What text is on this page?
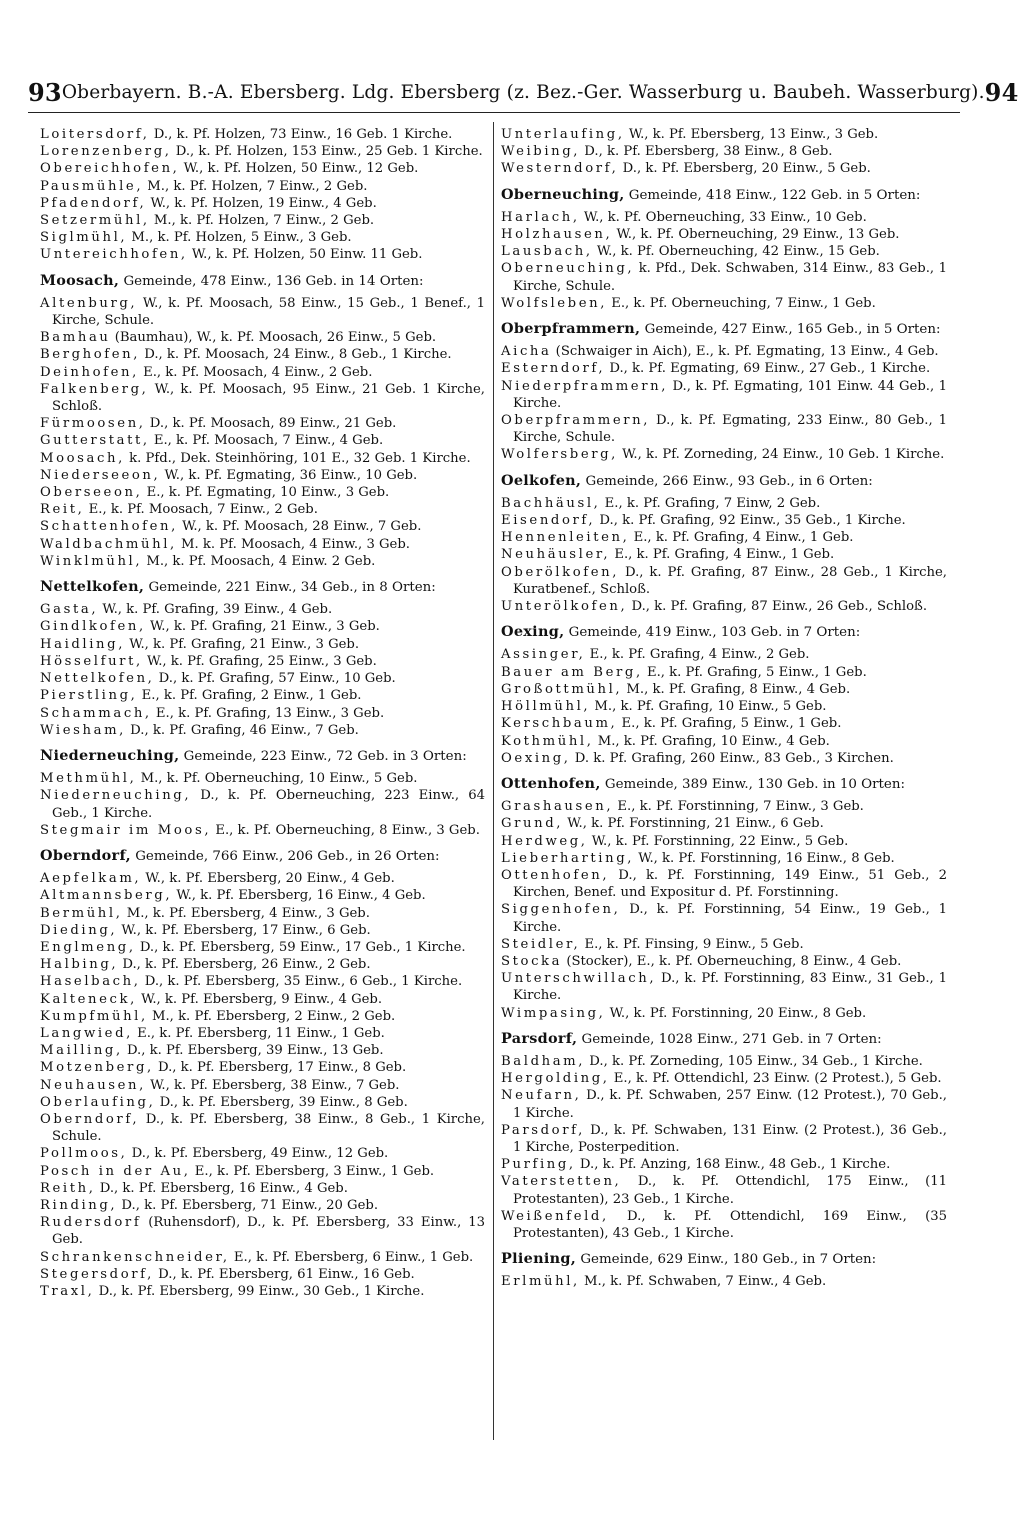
93 Oberbayern. B.-A. Ebersberg. Ldg. Ebersberg (z. Bez.-Ger. Wasserburg u. Baubeh. Wasserburg). 94
Loitersdorf, D., k. Pf. Holzen, 73 Einw., 16 Geb. 1 Kirche.
Lorenzenberg, D., k. Pf. Holzen, 153 Einw., 25 Geb. 1 Kirche.
Obereichhofen, W., k. Pf. Holzen, 50 Einw., 12 Geb.
Pausmühle, M., k. Pf. Holzen, 7 Einw., 2 Geb.
Pfadendorf, W., k. Pf. Holzen, 19 Einw., 4 Geb.
Setzermühl, M., k. Pf. Holzen, 7 Einw., 2 Geb.
Siglmühl, M., k. Pf. Holzen, 5 Einw., 3 Geb.
Untereichhofen, W., k. Pf. Holzen, 50 Einw. 11 Geb.
Moosach, Gemeinde, 478 Einw., 136 Geb. in 14 Orten:
Altenburg, W., k. Pf. Moosach, 58 Einw., 15 Geb., 1 Benef., 1 Kirche, Schule.
Bamhau (Baumhau), W., k. Pf. Moosach, 26 Einw., 5 Geb.
Berghofen, D., k. Pf. Moosach, 24 Einw., 8 Geb., 1 Kirche.
Deinhofen, E., k. Pf. Moosach, 4 Einw., 2 Geb.
Falkenberg, W., k. Pf. Moosach, 95 Einw., 21 Geb. 1 Kirche, Schloß.
Fürmoosen, D., k. Pf. Moosach, 89 Einw., 21 Geb.
Gutterstatt, E., k. Pf. Moosach, 7 Einw., 4 Geb.
Moosach, k. Pfd., Dek. Steinhöring, 101 E., 32 Geb. 1 Kirche.
Niederseeon, W., k. Pf. Egmating, 36 Einw., 10 Geb.
Oberseeon, E., k. Pf. Egmating, 10 Einw., 3 Geb.
Reit, E., k. Pf. Moosach, 7 Einw., 2 Geb.
Schattenhofen, W., k. Pf. Moosach, 28 Einw., 7 Geb.
Waldbachmühl, M. k. Pf. Moosach, 4 Einw., 3 Geb.
Winklmühl, M., k. Pf. Moosach, 4 Einw. 2 Geb.
Nettelkofen, Gemeinde, 221 Einw., 34 Geb., in 8 Orten:
Gasta, W., k. Pf. Grafing, 39 Einw., 4 Geb.
Gindlkofen, W., k. Pf. Grafing, 21 Einw., 3 Geb.
Haidling, W., k. Pf. Grafing, 21 Einw., 3 Geb.
Hösselfurt, W., k. Pf. Grafing, 25 Einw., 3 Geb.
Nettelkofen, D., k. Pf. Grafing, 57 Einw., 10 Geb.
Pierstling, E., k. Pf. Grafing, 2 Einw., 1 Geb.
Schammach, E., k. Pf. Grafing, 13 Einw., 3 Geb.
Wiesham, D., k. Pf. Grafing, 46 Einw., 7 Geb.
Niederneuching, Gemeinde, 223 Einw., 72 Geb. in 3 Orten:
Methmühl, M., k. Pf. Oberneuching, 10 Einw., 5 Geb.
Niederneuching, D., k. Pf. Oberneuching, 223 Einw., 64 Geb., 1 Kirche.
Stegmair im Moos, E., k. Pf. Oberneuching, 8 Einw., 3 Geb.
Oberndorf, Gemeinde, 766 Einw., 206 Geb., in 26 Orten:
Aepfelkam, W., k. Pf. Ebersberg, 20 Einw., 4 Geb.
Altmannsberg, W., k. Pf. Ebersberg, 16 Einw., 4 Geb.
Bermühl, M., k. Pf. Ebersberg, 4 Einw., 3 Geb.
Dieding, W., k. Pf. Ebersberg, 17 Einw., 6 Geb.
Englmeng, D., k. Pf. Ebersberg, 59 Einw., 17 Geb., 1 Kirche.
Halbing, D., k. Pf. Ebersberg, 26 Einw., 2 Geb.
Haselbach, D., k. Pf. Ebersberg, 35 Einw., 6 Geb., 1 Kirche.
Kalteneck, W., k. Pf. Ebersberg, 9 Einw., 4 Geb.
Kumpfmühl, M., k. Pf. Ebersberg, 2 Einw., 2 Geb.
Langwied, E., k. Pf. Ebersberg, 11 Einw., 1 Geb.
Mailling, D., k. Pf. Ebersberg, 39 Einw., 13 Geb.
Motzenberg, D., k. Pf. Ebersberg, 17 Einw., 8 Geb.
Neuhausen, W., k. Pf. Ebersberg, 38 Einw., 7 Geb.
Oberlaufing, D., k. Pf. Ebersberg, 39 Einw., 8 Geb.
Oberndorf, D., k. Pf. Ebersberg, 38 Einw., 8 Geb., 1 Kirche, Schule.
Pollmoos, D., k. Pf. Ebersberg, 49 Einw., 12 Geb.
Posch in der Au, E., k. Pf. Ebersberg, 3 Einw., 1 Geb.
Reith, D., k. Pf. Ebersberg, 16 Einw., 4 Geb.
Rinding, D., k. Pf. Ebersberg, 71 Einw., 20 Geb.
Rudersdorf (Ruhensdorf), D., k. Pf. Ebersberg, 33 Einw., 13 Geb.
Schrankenschneider, E., k. Pf. Ebersberg, 6 Einw., 1 Geb.
Stegersdorf, D., k. Pf. Ebersberg, 61 Einw., 16 Geb.
Traxl, D., k. Pf. Ebersberg, 99 Einw., 30 Geb., 1 Kirche.
Unterlaufing, W., k. Pf. Ebersberg, 13 Einw., 3 Geb.
Weibing, D., k. Pf. Ebersberg, 38 Einw., 8 Geb.
Westerndorf, D., k. Pf. Ebersberg, 20 Einw., 5 Geb.
Oberneuching, Gemeinde, 418 Einw., 122 Geb. in 5 Orten:
Harlach, W., k. Pf. Oberneuching, 33 Einw., 10 Geb.
Holzhausen, W., k. Pf. Oberneuching, 29 Einw., 13 Geb.
Lausbach, W., k. Pf. Oberneuching, 42 Einw., 15 Geb.
Oberneuching, k. Pfd., Dek. Schwaben, 314 Einw., 83 Geb., 1 Kirche, Schule.
Wolfsleben, E., k. Pf. Oberneuching, 7 Einw., 1 Geb.
Oberpframmern, Gemeinde, 427 Einw., 165 Geb., in 5 Orten:
Aicha (Schwaiger in Aich), E., k. Pf. Egmating, 13 Einw., 4 Geb.
Esterndorf, D., k. Pf. Egmating, 69 Einw., 27 Geb., 1 Kirche.
Niederpframmern, D., k. Pf. Egmating, 101 Einw. 44 Geb., 1 Kirche.
Oberpframmern, D., k. Pf. Egmating, 233 Einw., 80 Geb., 1 Kirche, Schule.
Wolfersberg, W., k. Pf. Zorneding, 24 Einw., 10 Geb. 1 Kirche.
Oelkofen, Gemeinde, 266 Einw., 93 Geb., in 6 Orten:
Bachhäusl, E., k. Pf. Grafing, 7 Einw, 2 Geb.
Eisendorf, D., k. Pf. Grafing, 92 Einw., 35 Geb., 1 Kirche.
Hennenleiten, E., k. Pf. Grafing, 4 Einw., 1 Geb.
Neuhäusler, E., k. Pf. Grafing, 4 Einw., 1 Geb.
Oberölkofen, D., k. Pf. Grafing, 87 Einw., 28 Geb., 1 Kirche, Kuratbenef., Schloß.
Unterölkofen, D., k. Pf. Grafing, 87 Einw., 26 Geb., Schloß.
Oexing, Gemeinde, 419 Einw., 103 Geb. in 7 Orten:
Assinger, E., k. Pf. Grafing, 4 Einw., 2 Geb.
Bauer am Berg, E., k. Pf. Grafing, 5 Einw., 1 Geb.
Großottmühl, M., k. Pf. Grafing, 8 Einw., 4 Geb.
Höllmühl, M., k. Pf. Grafing, 10 Einw., 5 Geb.
Kerschbaum, E., k. Pf. Grafing, 5 Einw., 1 Geb.
Kothmühl, M., k. Pf. Grafing, 10 Einw., 4 Geb.
Oexing, D. k. Pf. Grafing, 260 Einw., 83 Geb., 3 Kirchen.
Ottenhofen, Gemeinde, 389 Einw., 130 Geb. in 10 Orten:
Grashausen, E., k. Pf. Forstinning, 7 Einw., 3 Geb.
Grund, W., k. Pf. Forstinning, 21 Einw., 6 Geb.
Herdweg, W., k. Pf. Forstinning, 22 Einw., 5 Geb.
Lieberharting, W., k. Pf. Forstinning, 16 Einw., 8 Geb.
Ottenhofen, D., k. Pf. Forstinning, 149 Einw., 51 Geb., 2 Kirchen, Benef. und Expositur d. Pf. Forstinning.
Siggenhofen, D., k. Pf. Forstinning, 54 Einw., 19 Geb., 1 Kirche.
Steidler, E., k. Pf. Finsing, 9 Einw., 5 Geb.
Stocka (Stocker), E., k. Pf. Oberneuching, 8 Einw., 4 Geb.
Unterschwillach, D., k. Pf. Forstinning, 83 Einw., 31 Geb., 1 Kirche.
Wimpasing, W., k. Pf. Forstinning, 20 Einw., 8 Geb.
Parsdorf, Gemeinde, 1028 Einw., 271 Geb. in 7 Orten:
Baldham, D., k. Pf. Zorneding, 105 Einw., 34 Geb., 1 Kirche.
Hergolding, E., k. Pf. Ottendichl, 23 Einw. (2 Protest.), 5 Geb.
Neufarn, D., k. Pf. Schwaben, 257 Einw. (12 Protest.), 70 Geb., 1 Kirche.
Parsdorf, D., k. Pf. Schwaben, 131 Einw. (2 Protest.), 36 Geb., 1 Kirche, Posterpedition.
Purfing, D., k. Pf. Anzing, 168 Einw., 48 Geb., 1 Kirche.
Vaterstetten, D., k. Pf. Ottendichl, 175 Einw., (11 Protestanten), 23 Geb., 1 Kirche.
Weißenfeld, D., k. Pf. Ottendichl, 169 Einw., (35 Protestanten), 43 Geb., 1 Kirche.
Pliening, Gemeinde, 629 Einw., 180 Geb., in 7 Orten:
Erlmühl, M., k. Pf. Schwaben, 7 Einw., 4 Geb.
